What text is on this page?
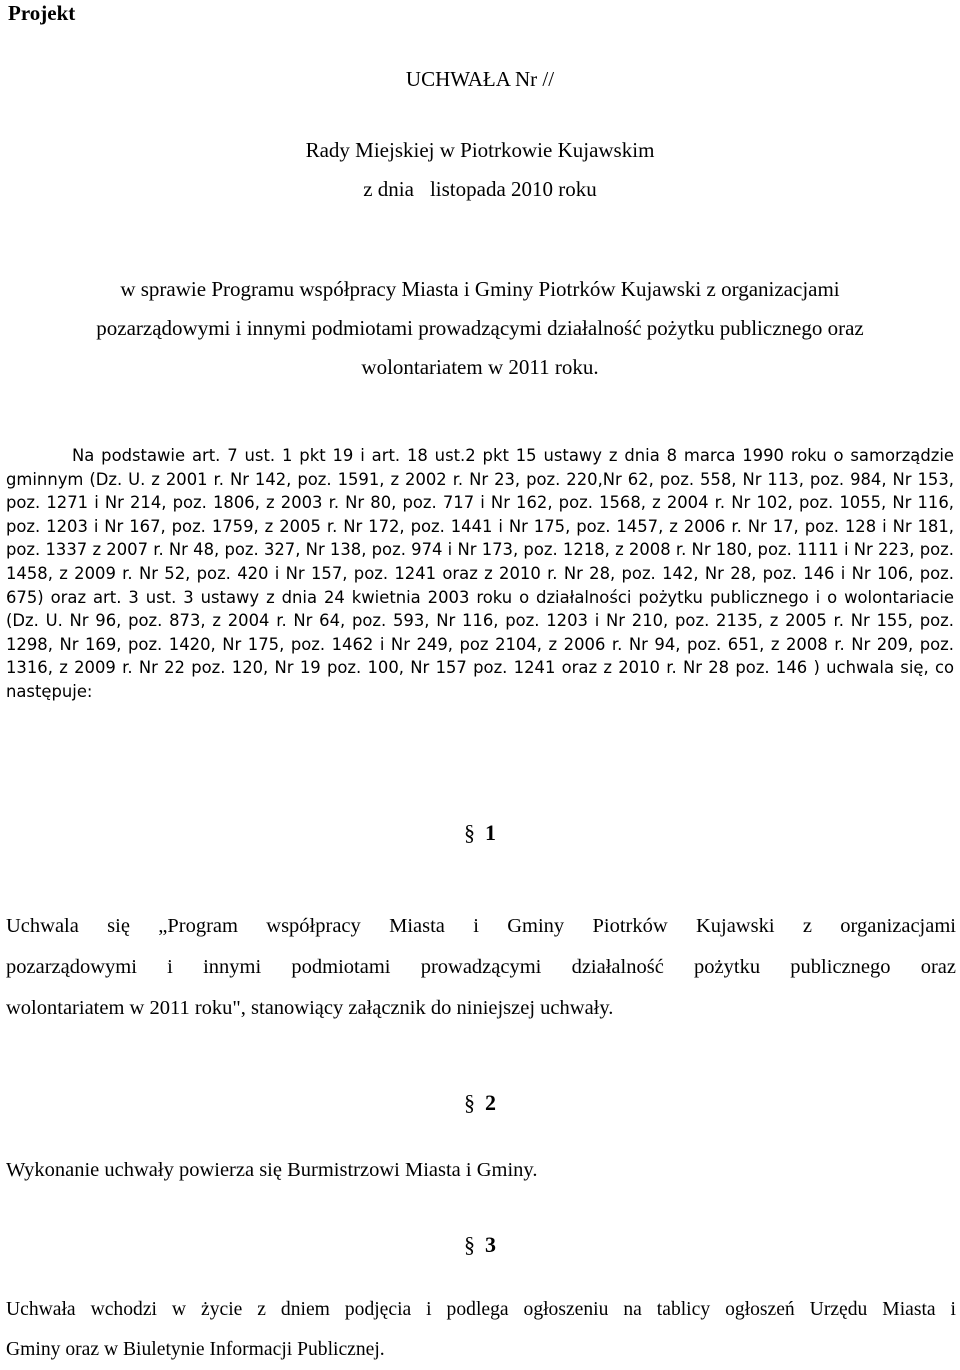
Projekt
UCHWAŁA Nr //
Rady Miejskiej w Piotrkowie Kujawskim
z dnia listopada 2010 roku
w sprawie Programu współpracy Miasta i Gminy Piotrków Kujawski z organizacjami
pozarządowymi i innymi podmiotami prowadzącymi działalność pożytku publicznego oraz
wolontariatem w 2011 roku.
Na podstawie art. 7 ust. 1 pkt 19 i art. 18 ust.2 pkt 15 ustawy z dnia 8 marca 1990 roku o samorządzie gminnym (Dz. U. z 2001 r. Nr 142, poz. 1591, z 2002 r. Nr 23, poz. 220,Nr 62, poz. 558, Nr 113, poz. 984, Nr 153, poz. 1271 i Nr 214, poz. 1806, z 2003 r. Nr 80, poz. 717 i Nr 162, poz. 1568, z 2004 r. Nr 102, poz. 1055, Nr 116, poz. 1203 i Nr 167, poz. 1759, z 2005 r. Nr 172, poz. 1441 i Nr 175, poz. 1457, z 2006 r. Nr 17, poz. 128 i Nr 181, poz. 1337 z 2007 r. Nr 48, poz. 327, Nr 138, poz. 974 i Nr 173, poz. 1218, z 2008 r. Nr 180, poz. 1111 i Nr 223, poz. 1458, z 2009 r. Nr 52, poz. 420 i Nr 157, poz. 1241 oraz z 2010 r. Nr 28, poz. 142, Nr 28, poz. 146 i Nr 106, poz. 675) oraz art. 3 ust. 3 ustawy z dnia 24 kwietnia 2003 roku o działalności pożytku publicznego i o wolontariacie (Dz. U. Nr 96, poz. 873, z 2004 r. Nr 64, poz. 593, Nr 116, poz. 1203 i Nr 210, poz. 2135, z 2005 r. Nr 155, poz. 1298, Nr 169, poz. 1420, Nr 175, poz. 1462 i Nr 249, poz 2104, z 2006 r. Nr 94, poz. 651, z 2008 r. Nr 209, poz. 1316, z 2009 r. Nr 22 poz. 120, Nr 19 poz. 100, Nr 157 poz. 1241 oraz z 2010 r. Nr 28 poz. 146 ) uchwala się, co następuje:
§ 1
Uchwala się „Program współpracy Miasta i Gminy Piotrków Kujawski z organizacjami
pozarządowymi i innymi podmiotami prowadzącymi działalność pożytku publicznego oraz
wolontariatem w 2011 roku", stanowiący załącznik do niniejszej uchwały.
§ 2
Wykonanie uchwały powierza się Burmistrzowi Miasta i Gminy.
§ 3
Uchwała wchodzi w życie z dniem podjęcia i podlega ogłoszeniu na tablicy ogłoszeń Urzędu Miasta i
Gminy oraz w Biuletynie Informacji Publicznej.
